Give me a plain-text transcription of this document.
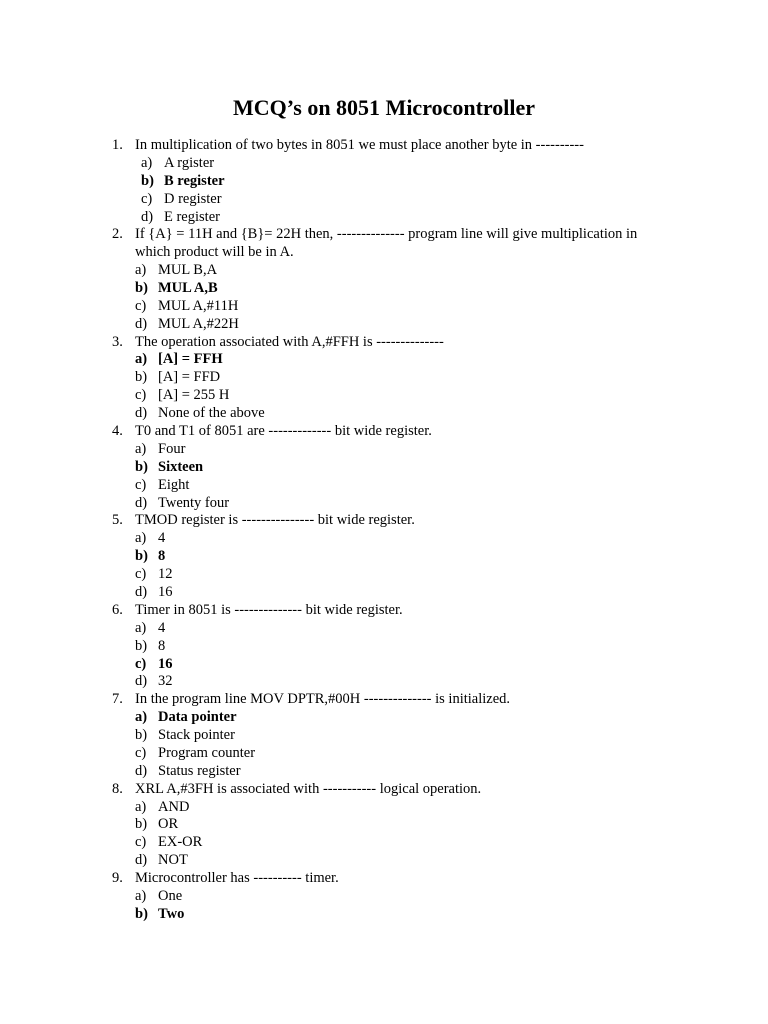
MCQ’s on 8051 Microcontroller
1. In multiplication of two bytes in 8051 we must place another byte in ----------
a) A rgister
b) B register
c) D register
d) E register
2. If {A} = 11H and {B}= 22H then, -------------- program line will give multiplication in which product will be in A.
a) MUL B,A
b) MUL A,B
c) MUL A,#11H
d) MUL A,#22H
3. The operation associated with A,#FFH is --------------
a) [A] = FFH
b) [A] = FFD
c) [A] = 255 H
d) None of the above
4. T0 and T1 of 8051 are ------------- bit wide register.
a) Four
b) Sixteen
c) Eight
d) Twenty four
5. TMOD register is --------------- bit wide register.
a) 4
b) 8
c) 12
d) 16
6. Timer in 8051 is -------------- bit wide register.
a) 4
b) 8
c) 16
d) 32
7. In the program line MOV DPTR,#00H -------------- is initialized.
a) Data pointer
b) Stack pointer
c) Program counter
d) Status register
8. XRL A,#3FH is associated with ----------- logical operation.
a) AND
b) OR
c) EX-OR
d) NOT
9. Microcontroller has ---------- timer.
a) One
b) Two
